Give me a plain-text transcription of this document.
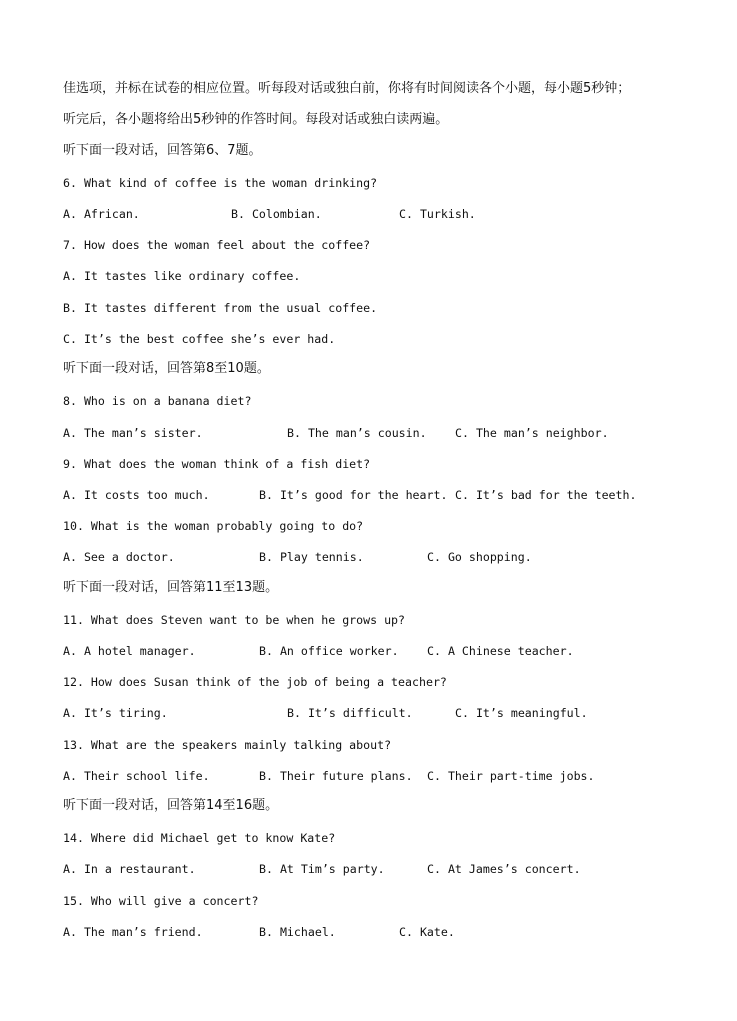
佳选项，并标在试卷的相应位置。听每段对话或独白前，你将有时间阅读各个小题，每小题5秒钟；
听完后，各小题将给出5秒钟的作答时间。每段对话或独白读两遍。
听下面一段对话，回答第6、7题。
6. What kind of coffee is the woman drinking?
A. African.	B. Colombian.	C. Turkish.
7. How does the woman feel about the coffee?
A. It tastes like ordinary coffee.
B. It tastes different from the usual coffee.
C. It’s the best coffee she’s ever had.
听下面一段对话，回答第8至10题。
8. Who is on a banana diet?
A. The man’s sister.	B. The man’s cousin. C. The man’s neighbor.
9. What does the woman think of a fish diet?
A. It costs too much.	B. It’s good for the heart. C. It’s bad for the teeth.
10. What is the woman probably going to do?
A. See a doctor.	B. Play tennis.	C. Go shopping.
听下面一段对话，回答第11至13题。
11. What does Steven want to be when he grows up?
A. A hotel manager.	B. An office worker. C. A Chinese teacher.
12. How does Susan think of the job of being a teacher?
A. It’s tiring.	B. It’s difficult.	C. It’s meaningful.
13. What are the speakers mainly talking about?
A. Their school life.	B. Their future plans. C. Their part-time jobs.
听下面一段对话，回答第14至16题。
14. Where did Michael get to know Kate?
A. In a restaurant.	B. At Tim’s party.	C. At James’s concert.
15. Who will give a concert?
A. The man’s friend.	B. Michael.	C. Kate.
